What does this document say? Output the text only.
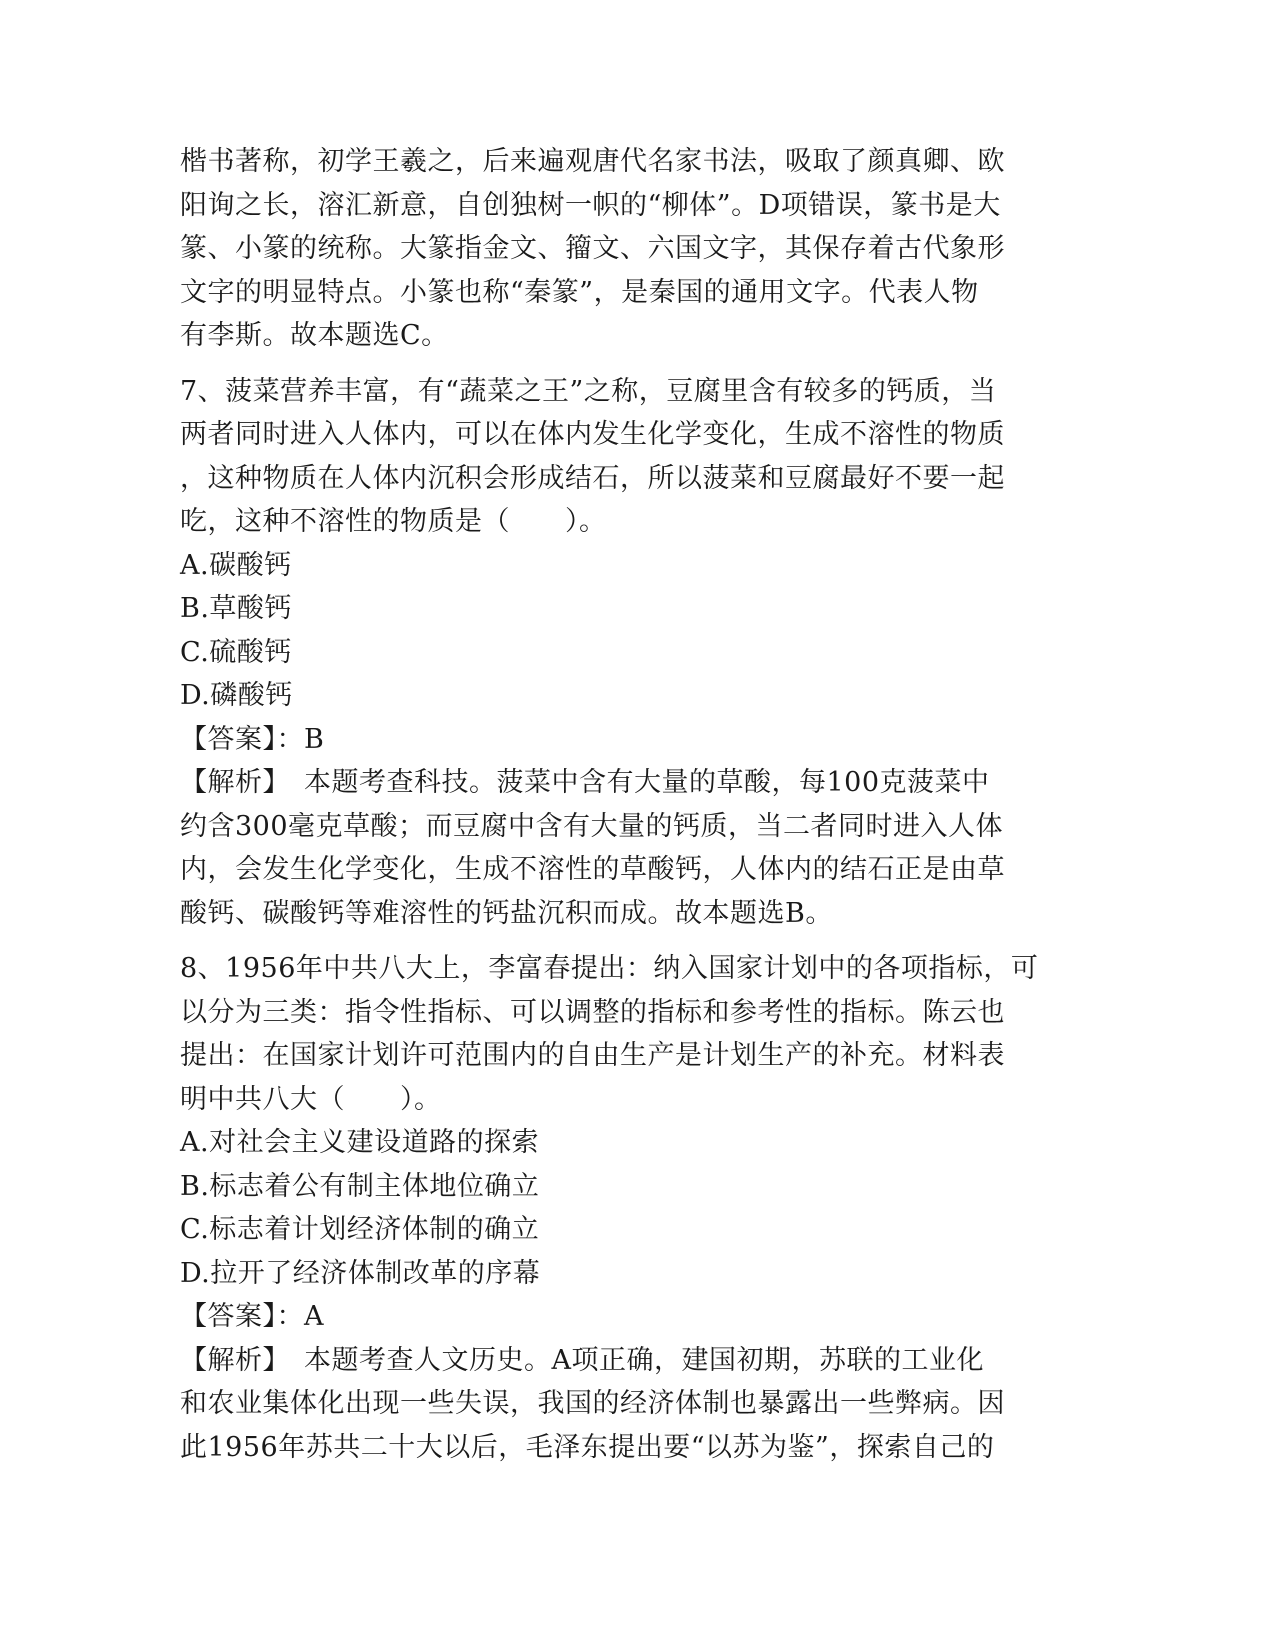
楷书著称，初学王羲之，后来遍观唐代名家书法，吸取了颜真卿、欧
阳询之长，溶汇新意，自创独树一帜的“柳体”。D项错误，篆书是大
篆、小篆的统称。大篆指金文、籀文、六国文字，其保存着古代象形
文字的明显特点。小篆也称“秦篆”，是秦国的通用文字。代表人物
有李斯。故本题选C。
7、菠菜营养丰富，有“蔬菜之王”之称，豆腐里含有较多的钙质，当
两者同时进入人体内，可以在体内发生化学变化，生成不溶性的物质
，这种物质在人体内沉积会形成结石，所以菠菜和豆腐最好不要一起
吃，这种不溶性的物质是（　　）。
A.碳酸钙
B.草酸钙
C.硫酸钙
D.磷酸钙
【答案】：B
【解析】　本题考查科技。菠菜中含有大量的草酸，每100克菠菜中
约含300毫克草酸；而豆腐中含有大量的钙质，当二者同时进入人体
内，会发生化学变化，生成不溶性的草酸钙，人体内的结石正是由草
酸钙、碳酸钙等难溶性的钙盐沉积而成。故本题选B。
8、1956年中共八大上，李富春提出：纳入国家计划中的各项指标，可
以分为三类：指令性指标、可以调整的指标和参考性的指标。陈云也
提出：在国家计划许可范围内的自由生产是计划生产的补充。材料表
明中共八大（　　）。
A.对社会主义建设道路的探索
B.标志着公有制主体地位确立
C.标志着计划经济体制的确立
D.拉开了经济体制改革的序幕
【答案】：A
【解析】　本题考查人文历史。A项正确，建国初期，苏联的工业化
和农业集体化出现一些失误，我国的经济体制也暴露出一些弊病。因
此1956年苏共二十大以后，毛泽东提出要“以苏为鉴”，探索自己的
